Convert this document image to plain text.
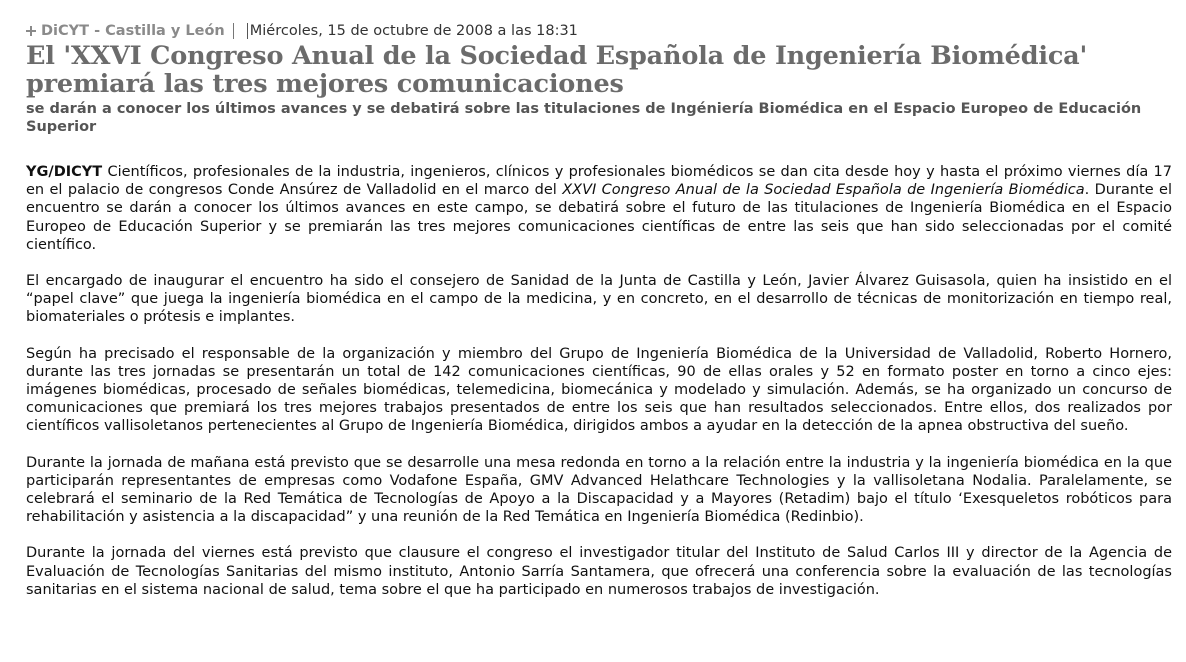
DiCYT - Castilla y León Miércoles, 15 de octubre de 2008 a las 18:31
El 'XXVI Congreso Anual de la Sociedad Española de Ingeniería Biomédica' premiará las tres mejores comunicaciones
se darán a conocer los últimos avances y se debatirá sobre las titulaciones de Ingéniería Biomédica en el Espacio Europeo de Educación Superior

YG/DICYT Científicos, profesionales de la industria, ingenieros, clínicos y profesionales biomédicos se dan cita desde hoy y hasta el próximo viernes día 17 en el palacio de congresos Conde Ansúrez de Valladolid en el marco del XXVI Congreso Anual de la Sociedad Española de Ingeniería Biomédica. Durante el encuentro se darán a conocer los últimos avances en este campo, se debatirá sobre el futuro de las titulaciones de Ingeniería Biomédica en el Espacio Europeo de Educación Superior y se premiarán las tres mejores comunicaciones científicas de entre las seis que han sido seleccionadas por el comité científico.

El encargado de inaugurar el encuentro ha sido el consejero de Sanidad de la Junta de Castilla y León, Javier Álvarez Guisasola, quien ha insistido en el “papel clave” que juega la ingeniería biomédica en el campo de la medicina, y en concreto, en el desarrollo de técnicas de monitorización en tiempo real, biomateriales o prótesis e implantes.

Según ha precisado el responsable de la organización y miembro del Grupo de Ingeniería Biomédica de la Universidad de Valladolid, Roberto Hornero, durante las tres jornadas se presentarán un total de 142 comunicaciones científicas, 90 de ellas orales y 52 en formato poster en torno a cinco ejes: imágenes biomédicas, procesado de señales biomédicas, telemedicina, biomecánica y modelado y simulación. Además, se ha organizado un concurso de comunicaciones que premiará los tres mejores trabajos presentados de entre los seis que han resultados seleccionados. Entre ellos, dos realizados por científicos vallisoletanos pertenecientes al Grupo de Ingeniería Biomédica, dirigidos ambos a ayudar en la detección de la apnea obstructiva del sueño.

Durante la jornada de mañana está previsto que se desarrolle una mesa redonda en torno a la relación entre la industria y la ingeniería biomédica en la que participarán representantes de empresas como Vodafone España, GMV Advanced Helathcare Technologies y la vallisoletana Nodalia. Paralelamente, se celebrará el seminario de la Red Temática de Tecnologías de Apoyo a la Discapacidad y a Mayores (Retadim) bajo el título ‘Exesqueletos robóticos para rehabilitación y asistencia a la discapacidad” y una reunión de la Red Temática en Ingeniería Biomédica (Redinbio).

Durante la jornada del viernes está previsto que clausure el congreso el investigador titular del Instituto de Salud Carlos III y director de la Agencia de Evaluación de Tecnologías Sanitarias del mismo instituto, Antonio Sarría Santamera, que ofrecerá una conferencia sobre la evaluación de las tecnologías sanitarias en el sistema nacional de salud, tema sobre el que ha participado en numerosos trabajos de investigación.
